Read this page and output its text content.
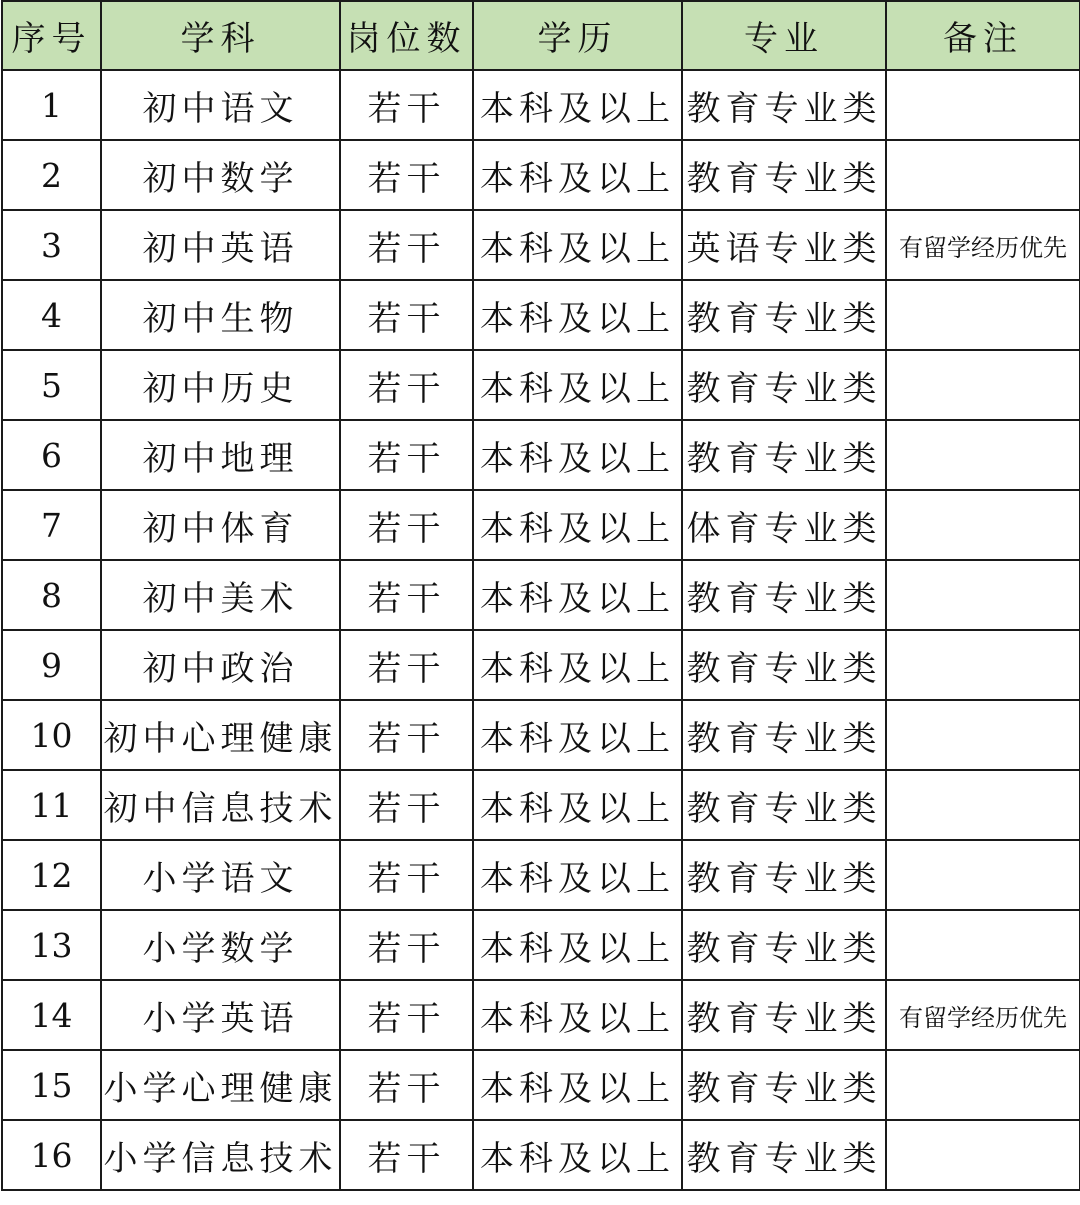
序号	学科	岗位数	学历	专业	备注
1	初中语文	若干	本科及以上	教育专业类	
2	初中数学	若干	本科及以上	教育专业类	
3	初中英语	若干	本科及以上	英语专业类	有留学经历优先
4	初中生物	若干	本科及以上	教育专业类	
5	初中历史	若干	本科及以上	教育专业类	
6	初中地理	若干	本科及以上	教育专业类	
7	初中体育	若干	本科及以上	体育专业类	
8	初中美术	若干	本科及以上	教育专业类	
9	初中政治	若干	本科及以上	教育专业类	
10	初中心理健康	若干	本科及以上	教育专业类	
11	初中信息技术	若干	本科及以上	教育专业类	
12	小学语文	若干	本科及以上	教育专业类	
13	小学数学	若干	本科及以上	教育专业类	
14	小学英语	若干	本科及以上	教育专业类	有留学经历优先
15	小学心理健康	若干	本科及以上	教育专业类	
16	小学信息技术	若干	本科及以上	教育专业类	
